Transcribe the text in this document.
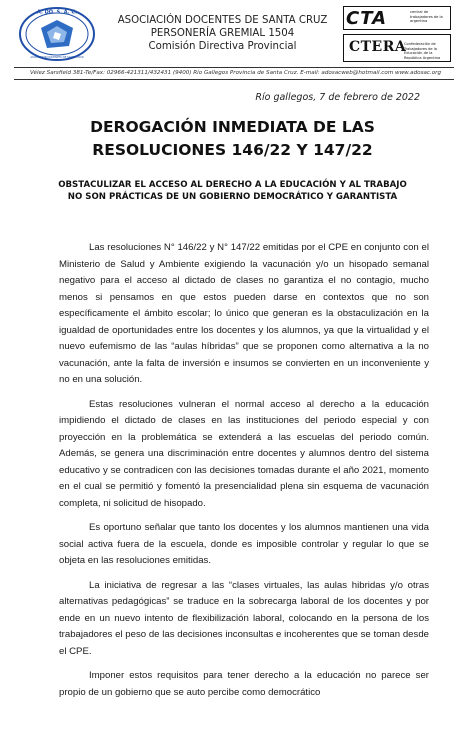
A. DO. S. A. C.
ASOCIACIÓN DOCENTES DE SANTA CRUZ
ASOCIACIÓN DOCENTES DE SANTA CRUZ
PERSONERÍA GREMIAL 1504
Comisión Directiva Provincial
CTA	central de trabajadores de la argentina
CTERA
Confederación de Trabajadores de la Educación de la República Argentina
Vélez Sarsfield 381-Te/Fax: 02966-421311/432431 (9400) Río Gallegos Provincia de Santa Cruz. E-mail: adosacweb@hotmail.com www.adosac.org
Río gallegos, 7 de febrero de 2022
DEROGACIÓN INMEDIATA DE LAS RESOLUCIONES 146/22 Y 147/22
OBSTACULIZAR EL ACCESO AL DERECHO A LA EDUCACIÓN Y AL TRABAJO NO SON PRÁCTICAS DE UN GOBIERNO DEMOCRÁTICO Y GARANTISTA

Las resoluciones N° 146/22 y N° 147/22 emitidas por el CPE en conjunto con el Ministerio de Salud y Ambiente exigiendo la vacunación y/o un hisopado semanal negativo para el acceso al dictado de clases no garantiza el no contagio, mucho menos si pensamos en que estos pueden darse en contextos que no son específicamente el ámbito escolar; lo único que generan es la obstaculización en la igualdad de oportunidades entre los docentes y los alumnos, ya que la virtualidad y el nuevo eufemismo de las “aulas híbridas” que se proponen como alternativa a la no vacunación, ante la falta de inversión e insumos se convierten en un inconveniente y no en una solución.

Estas resoluciones vulneran el normal acceso al derecho a la educación impidiendo el dictado de clases en las instituciones del periodo especial y con proyección en la problemática se extenderá a las escuelas del periodo común. Además, se genera una discriminación entre docentes y alumnos dentro del sistema educativo y se contradicen con las decisiones tomadas durante el año 2021, momento en el cual se permitió y fomentó la presencialidad plena sin esquema de vacunación completa, ni solicitud de hisopado.

Es oportuno señalar que tanto los docentes y los alumnos mantienen una vida social activa fuera de la escuela, donde es imposible controlar y regular lo que se objeta en las resoluciones emitidas.

La iniciativa de regresar a las “clases virtuales, las aulas hibridas y/o otras alternativas pedagógicas” se traduce en la sobrecarga laboral de los docentes y por ende en un nuevo intento de flexibilización laboral, colocando en la persona de los trabajadores el peso de las decisiones inconsultas e incoherentes que se toman desde el CPE.

Imponer estos requisitos para tener derecho a la educación no parece ser propio de un gobierno que se auto percibe como democrático
